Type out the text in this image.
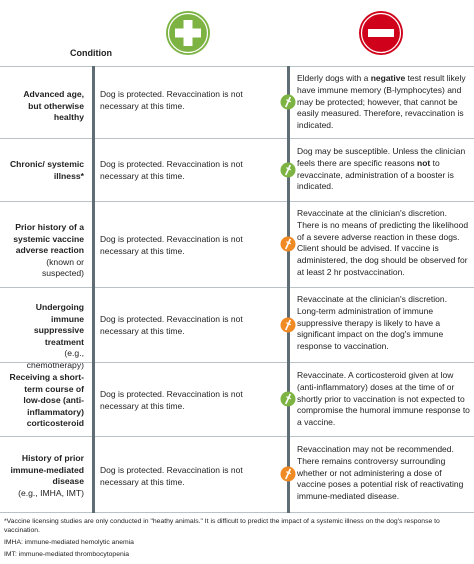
Condition
Advanced age, but otherwise healthy
Dog is protected. Revaccination is not necessary at this time.
Elderly dogs with a negative test result likely have immune memory (B-lymphocytes) and may be protected; however, that cannot be easily measured. Therefore, revaccination is indicated.
Chronic/ systemic illness*
Dog is protected. Revaccination is not necessary at this time.
Dog may be susceptible. Unless the clinician feels there are specific reasons not to revaccinate, administration of a booster is indicated.
Prior history of a systemic vaccine adverse reaction
(known or suspected)
Dog is protected. Revaccination is not necessary at this time.
Revaccinate at the clinician's discretion. There is no means of predicting the likelihood of a severe adverse reaction in these dogs. Client should be advised. If vaccine is administered, the dog should be observed for at least 2 hr postvaccination.
Undergoing immune suppressive treatment
(e.g., chemotherapy)
Dog is protected. Revaccination is not necessary at this time.
Revaccinate at the clinician's discretion. Long-term administration of immune suppressive therapy is likely to have a significant impact on the dog's immune response to vaccination.
Receiving a short-term course of low-dose (anti-inflammatory) corticosteroid
Dog is protected. Revaccination is not necessary at this time.
Revaccinate. A corticosteroid given at low (anti-inflammatory) doses at the time of or shortly prior to vaccination is not expected to compromise the humoral immune response to a vaccine.
History of prior immune-mediated disease
(e.g., IMHA, IMT)
Dog is protected. Revaccination is not necessary at this time.
Revaccination may not be recommended. There remains controversy surrounding whether or not administering a dose of vaccine poses a potential risk of reactivating immune-mediated disease.

*Vaccine licensing studies are only conducted in "heathy animals." It is difficult to predict the impact of a systemic illness on the dog's response to vaccination.

IMHA: immune-mediated hemolytic anemia

IMT: immune-mediated thrombocytopenia
